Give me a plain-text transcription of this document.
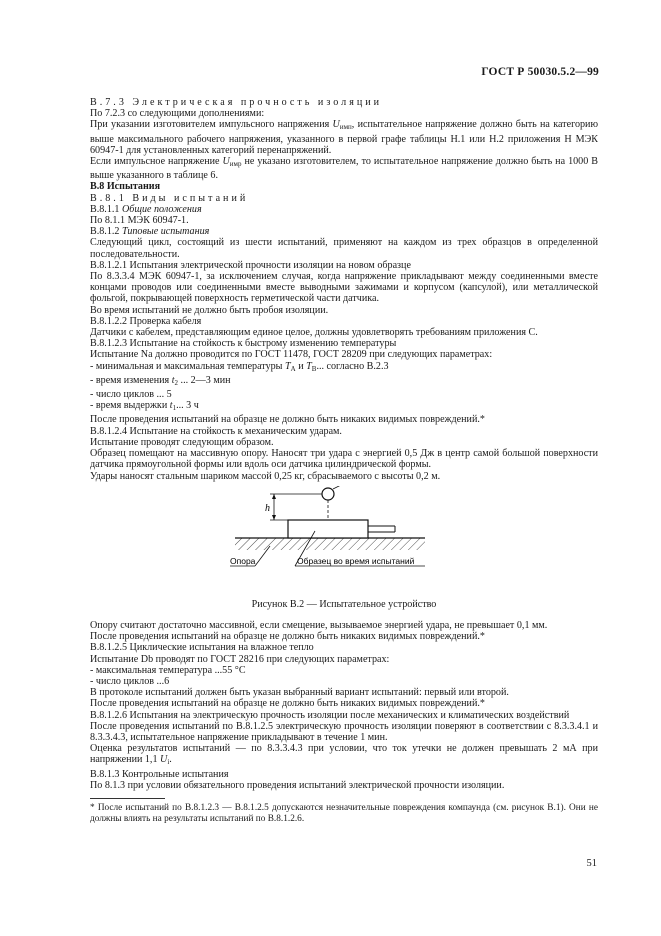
ГОСТ Р 50030.5.2—99

В.7.3 Электрическая прочность изоляции

По 7.2.3 со следующими дополнениями:

При указании изготовителем импульсного напряжения $U_{имп}$, испытательное напряжение должно быть на категорию выше максимального рабочего напряжения, указанного в первой графе таблицы Н.1 или Н.2 приложения Н МЭК 60947-1 для установленных категорий перенапряжений.

Если импульсное напряжение $U_{имр}$ не указано изготовителем, то испытательное напряжение должно быть на 1000 В выше указанного в таблице 6.

В.8 Испытания

В.8.1 Виды испытаний

В.8.1.1 Общие положения

По 8.1.1 МЭК 60947-1.

В.8.1.2 Типовые испытания

Следующий цикл, состоящий из шести испытаний, применяют на каждом из трех образцов в определенной последовательности.

В.8.1.2.1 Испытания электрической прочности изоляции на новом образце

По 8.3.3.4 МЭК 60947-1, за исключением случая, когда напряжение прикладывают между соединенными вместе концами проводов или соединенными вместе выводными зажимами и корпусом (капсулой), или металлической фольгой, покрывающей поверхность герметической части датчика.

Во время испытаний не должно быть пробоя изоляции.

В.8.1.2.2 Проверка кабеля

Датчики с кабелем, представляющим единое целое, должны удовлетворять требованиям приложения С.

В.8.1.2.3 Испытание на стойкость к быстрому изменению температуры

Испытание Na должно проводится по ГОСТ 11478, ГОСТ 28209 при следующих параметрах:

- минимальная и максимальная температуры $T_A$ и $T_B$... согласно В.2.3

- время изменения $t_2$ ... 2—3 мин

- число циклов ... 5

- время выдержки $t_1$... 3 ч

После проведения испытаний на образце не должно быть никаких видимых повреждений.*

В.8.1.2.4 Испытание на стойкость к механическим ударам.

Испытание проводят следующим образом.

Образец помещают на массивную опору. Наносят три удара с энергией 0,5 Дж в центр самой большой поверхности датчика прямоугольной формы или вдоль оси датчика цилиндрической формы.

Удары наносят стальным шариком массой 0,25 кг, сбрасываемого с высоты 0,2 м.

h
Опора	Образец во время испытаний

Рисунок В.2 — Испытательное устройство

Опору считают достаточно массивной, если смещение, вызываемое энергией удара, не превышает 0,1 мм.

После проведения испытаний на образце не должно быть никаких видимых повреждений.*

В.8.1.2.5 Циклические испытания на влажное тепло

Испытание Db проводят по ГОСТ 28216 при следующих параметрах:

- максимальная температура ...55 °С

- число циклов ...6

В протоколе испытаний должен быть указан выбранный вариант испытаний: первый или второй.

После проведения испытаний на образце не должно быть никаких видимых повреждений.*

В.8.1.2.6 Испытания на электрическую прочность изоляции после механических и климатических воздействий

После проведения испытаний по В.8.1.2.5 электрическую прочность изоляции поверяют в соответствии с 8.3.3.4.1 и 8.3.3.4.3, испытательное напряжение прикладывают в течение 1 мин.

Оценка результатов испытаний — по 8.3.3.4.3 при условии, что ток утечки не должен превышать 2 мА при напряжении 1,1 $U_i$.

В.8.1.3 Контрольные испытания

По 8.1.3 при условии обязательного проведения испытаний электрической прочности изоляции.

* После испытаний по В.8.1.2.3 — В.8.1.2.5 допускаются незначительные повреждения компаунда (см. рисунок В.1). Они не должны влиять на результаты испытаний по В.8.1.2.6.

51
